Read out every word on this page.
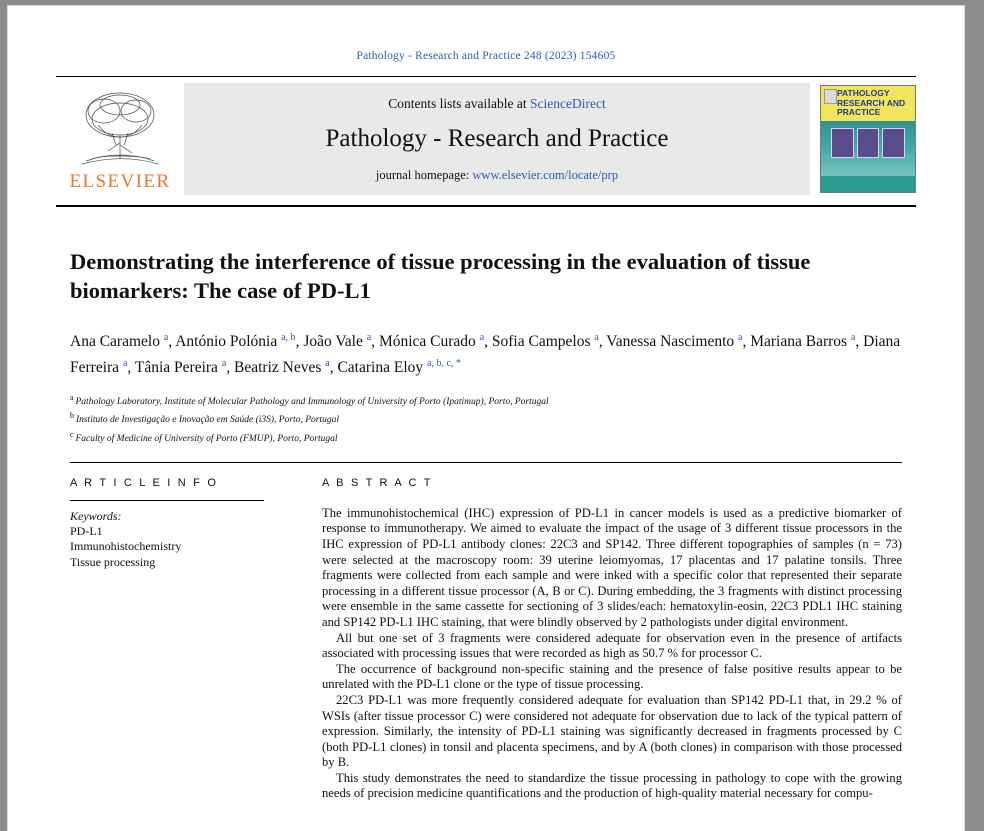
Pathology - Research and Practice 248 (2023) 154605
ELSEVIER
Contents lists available at ScienceDirect
Pathology - Research and Practice
journal homepage: www.elsevier.com/locate/prp
PATHOLOGY
RESEARCH AND
PRACTICE
Demonstrating the interference of tissue processing in the evaluation of tissue biomarkers: The case of PD-L1
Ana Caramelo $^a$, António Polónia $^{a, b}$, João Vale $^a$, Mónica Curado $^a$, Sofia Campelos $^a$, Vanessa Nascimento $^a$, Mariana Barros $^a$, Diana Ferreira $^a$, Tânia Pereira $^a$, Beatriz Neves $^a$, Catarina Eloy $^{a, b, c, *}$
$^a$ Pathology Laboratory, Institute of Molecular Pathology and Immunology of University of Porto (Ipatimup), Porto, Portugal
$^b$ Instituto de Investigação e Inovação em Saúde (i3S), Porto, Portugal
$^c$ Faculty of Medicine of University of Porto (FMUP), Porto, Portugal
A R T I C L E I N F O
Keywords:
PD-L1
Immunohistochemistry
Tissue processing
A B S T R A C T

The immunohistochemical (IHC) expression of PD-L1 in cancer models is used as a predictive biomarker of response to immunotherapy. We aimed to evaluate the impact of the usage of 3 different tissue processors in the IHC expression of PD-L1 antibody clones: 22C3 and SP142. Three different topographies of samples (n = 73) were selected at the macroscopy room: 39 uterine leiomyomas, 17 placentas and 17 palatine tonsils. Three fragments were collected from each sample and were inked with a specific color that represented their separate processing in a different tissue processor (A, B or C). During embedding, the 3 fragments with distinct processing were ensemble in the same cassette for sectioning of 3 slides/each: hematoxylin-eosin, 22C3 PDL1 IHC staining and SP142 PD-L1 IHC staining, that were blindly observed by 2 pathologists under digital environment.

All but one set of 3 fragments were considered adequate for observation even in the presence of artifacts associated with processing issues that were recorded as high as 50.7 % for processor C.

The occurrence of background non-specific staining and the presence of false positive results appear to be unrelated with the PD-L1 clone or the type of tissue processing.

22C3 PD-L1 was more frequently considered adequate for evaluation than SP142 PD-L1 that, in 29.2 % of WSIs (after tissue processor C) were considered not adequate for observation due to lack of the typical pattern of expression. Similarly, the intensity of PD-L1 staining was significantly decreased in fragments processed by C (both PD-L1 clones) in tonsil and placenta specimens, and by A (both clones) in comparison with those processed by B.

This study demonstrates the need to standardize the tissue processing in pathology to cope with the growing needs of precision medicine quantifications and the production of high-quality material necessary for compu-
